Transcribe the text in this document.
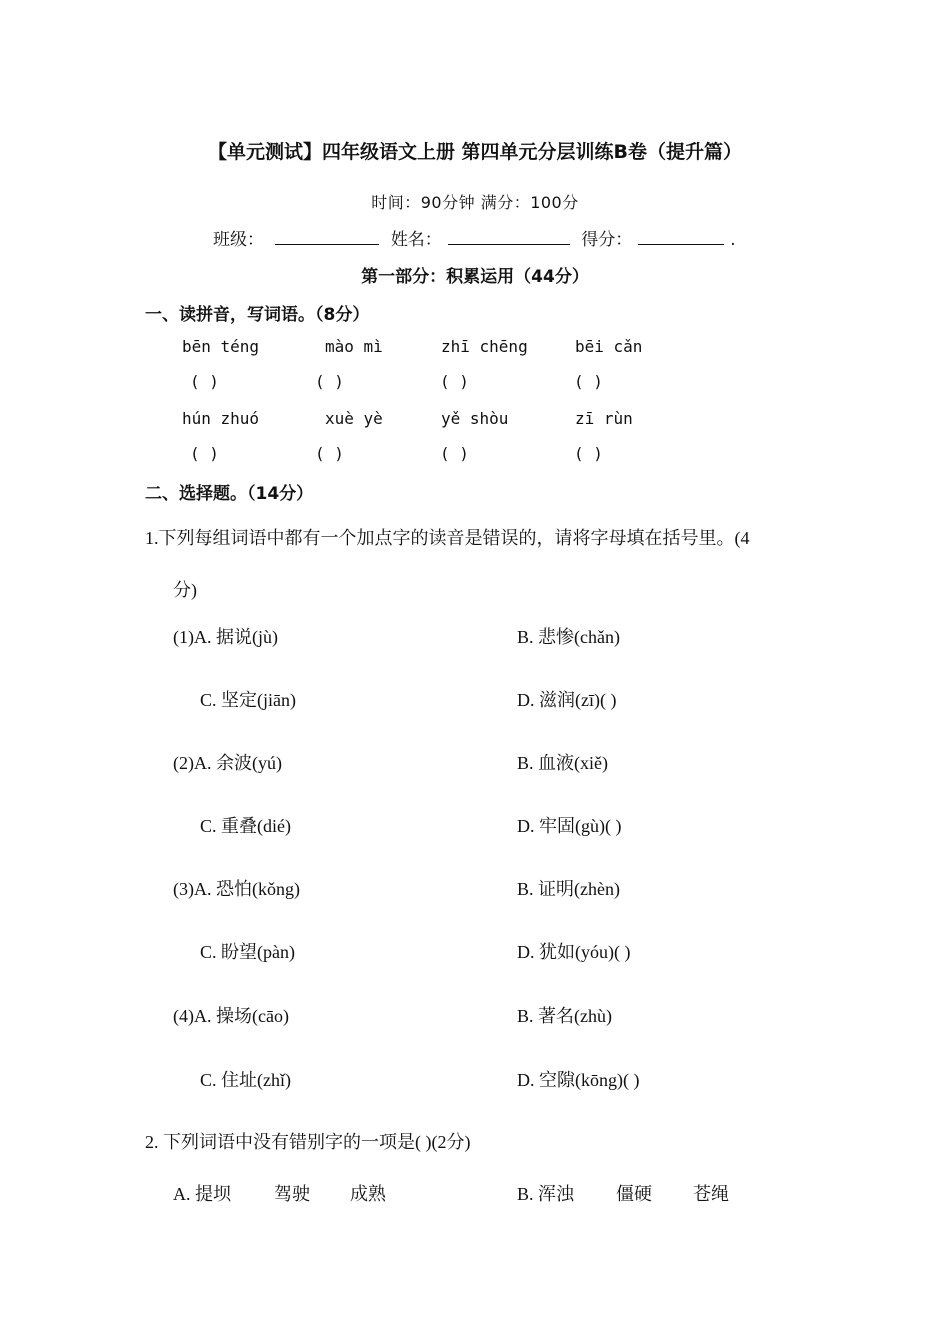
【单元测试】四年级语文上册 第四单元分层训练B卷（提升篇）
时间：90分钟 满分：100分
班级：	姓名：	得分：	.
第一部分：积累运用（44分）
一、读拼音，写词语。（8分）
bēn téng	mào mì	zhī chēng	bēi cǎn
( )	( )	( )	( )
hún zhuó	xuè yè	yě shòu	zī rùn
( )	( )	( )	( )
二、选择题。（14分）
1.下列每组词语中都有一个加点字的读音是错误的，请将字母填在括号里。(4
分)
(1)A. 据说(jù)	B. 悲惨(chǎn)
C. 坚定(jiān)	D. 滋润(zī)( )
(2)A. 余波(yú)	B. 血液(xiě)
C. 重叠(dié)	D. 牢固(gù)( )
(3)A. 恐怕(kǒng)	B. 证明(zhèn)
C. 盼望(pàn)	D. 犹如(yóu)( )
(4)A. 操场(cāo)	B. 著名(zhù)
C. 住址(zhǐ)	D. 空隙(kōng)( )
2. 下列词语中没有错别字的一项是( )(2分)
A. 提坝 驾驶 成熟	B. 浑浊 僵硬 苍绳
